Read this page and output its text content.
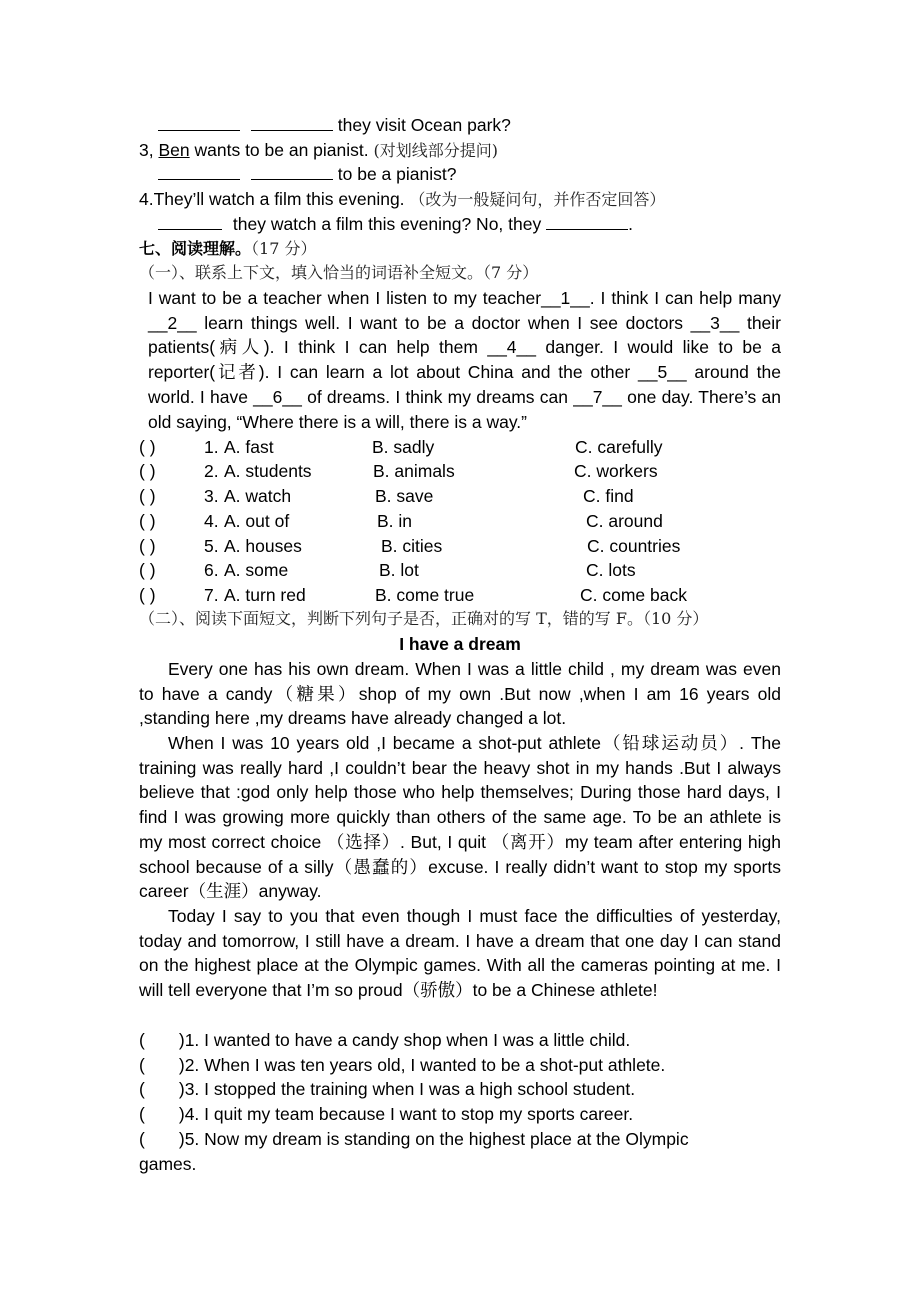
they visit Ocean park?
3, Ben wants to be an pianist. (对划线部分提问)
to be a pianist?
4.They’ll watch a film this evening. （改为一般疑问句，并作否定回答）
they watch a film this evening? No, they	.
七、阅读理解。（17 分）
（一）、联系上下文，填入恰当的词语补全短文。（7 分）
I want to be a teacher when I listen to my teacher__1__. I think I can help many __2__ learn things well. I want to be a doctor when I see doctors __3__ their patients(病人). I think I can help them __4__ danger. I would like to be a reporter(记者). I can learn a lot about China and the other __5__ around the world. I have __6__ of dreams. I think my dreams can __7__ one day. There’s an old saying, “Where there is a will, there is a way.”
( )	1. A. fast	B. sadly	C. carefully
( )	2. A. students	B. animals	C. workers
( )	3. A. watch	B. save	C. find
( )	4. A. out of	B. in	C. around
( )	5. A. houses	B. cities	C. countries
( )	6. A. some	B. lot	C. lots
( )	7. A. turn red	B. come true	C. come back
（二）、阅读下面短文，判断下列句子是否，正确对的写 T，错的写 F。（10 分）
I have a dream
Every one has his own dream. When I was a little child , my dream was even to have a candy（糖果）shop of my own .But now ,when I am 16 years old ,standing here ,my dreams have already changed a lot.
When I was 10 years old ,I became a shot-put athlete（铅球运动员）. The training was really hard ,I couldn’t bear the heavy shot in my hands .But I always believe that :god only help those who help themselves; During those hard days, I find I was growing more quickly than others of the same age. To be an athlete is my most correct choice （选择）. But, I quit （离开）my team after entering high school because of a silly（愚蠢的）excuse. I really didn’t want to stop my sports career（生涯）anyway.
Today I say to you that even though I must face the difficulties of yesterday, today and tomorrow, I still have a dream. I have a dream that one day I can stand on the highest place at the Olympic games. With all the cameras pointing at me. I will tell everyone that I’m so proud（骄傲）to be a Chinese athlete!
(       )1. I wanted to have a candy shop when I was a little child.
(       )2. When I was ten years old, I wanted to be a shot-put athlete.
(       )3. I stopped the training when I was a high school student.
(       )4. I quit my team because I want to stop my sports career.
(       )5. Now my dream is standing on the highest place at the Olympic games.
